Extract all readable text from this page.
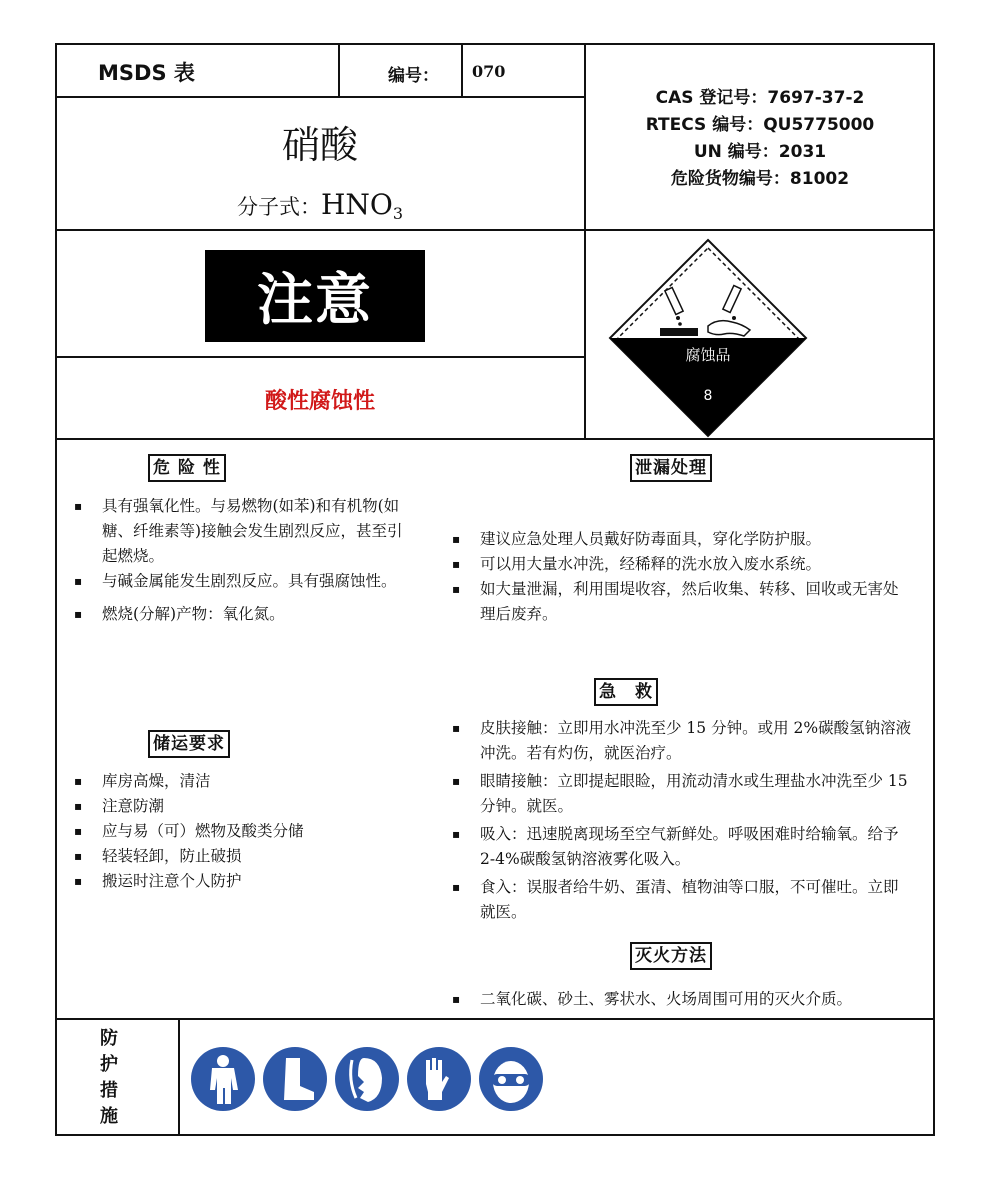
MSDS 表	编号： 070
硝酸
分子式：$HNO_3$
CAS 登记号：7697-37-2
RTECS 编号：QU5775000
UN 编号：2031
危险货物编号：81002
注意
酸性腐蚀性
腐蚀品
8
危 险 性
▪ 具有强氧化性。与易燃物(如苯)和有机物(如糖、纤维素等)接触会发生剧烈反应，甚至引起燃烧。
▪ 与碱金属能发生剧烈反应。具有强腐蚀性。
▪ 燃烧(分解)产物：氧化氮。
储运要求
▪ 库房高燥，清洁
▪ 注意防潮
▪ 应与易（可）燃物及酸类分储
▪ 轻装轻卸，防止破损
▪ 搬运时注意个人防护
泄漏处理
▪ 建议应急处理人员戴好防毒面具，穿化学防护服。
▪ 可以用大量水冲洗，经稀释的洗水放入废水系统。
▪ 如大量泄漏，利用围堤收容，然后收集、转移、回收或无害处理后废弃。
急　救
▪ 皮肤接触：立即用水冲洗至少 15 分钟。或用 2%碳酸氢钠溶液冲洗。若有灼伤，就医治疗。
▪ 眼睛接触：立即提起眼睑，用流动清水或生理盐水冲洗至少 15 分钟。就医。
▪ 吸入：迅速脱离现场至空气新鲜处。呼吸困难时给输氧。给予 2-4%碳酸氢钠溶液雾化吸入。
▪ 食入：误服者给牛奶、蛋清、植物油等口服，不可催吐。立即就医。
灭火方法
▪ 二氧化碳、砂土、雾状水、火场周围可用的灭火介质。
防
护
措
施
